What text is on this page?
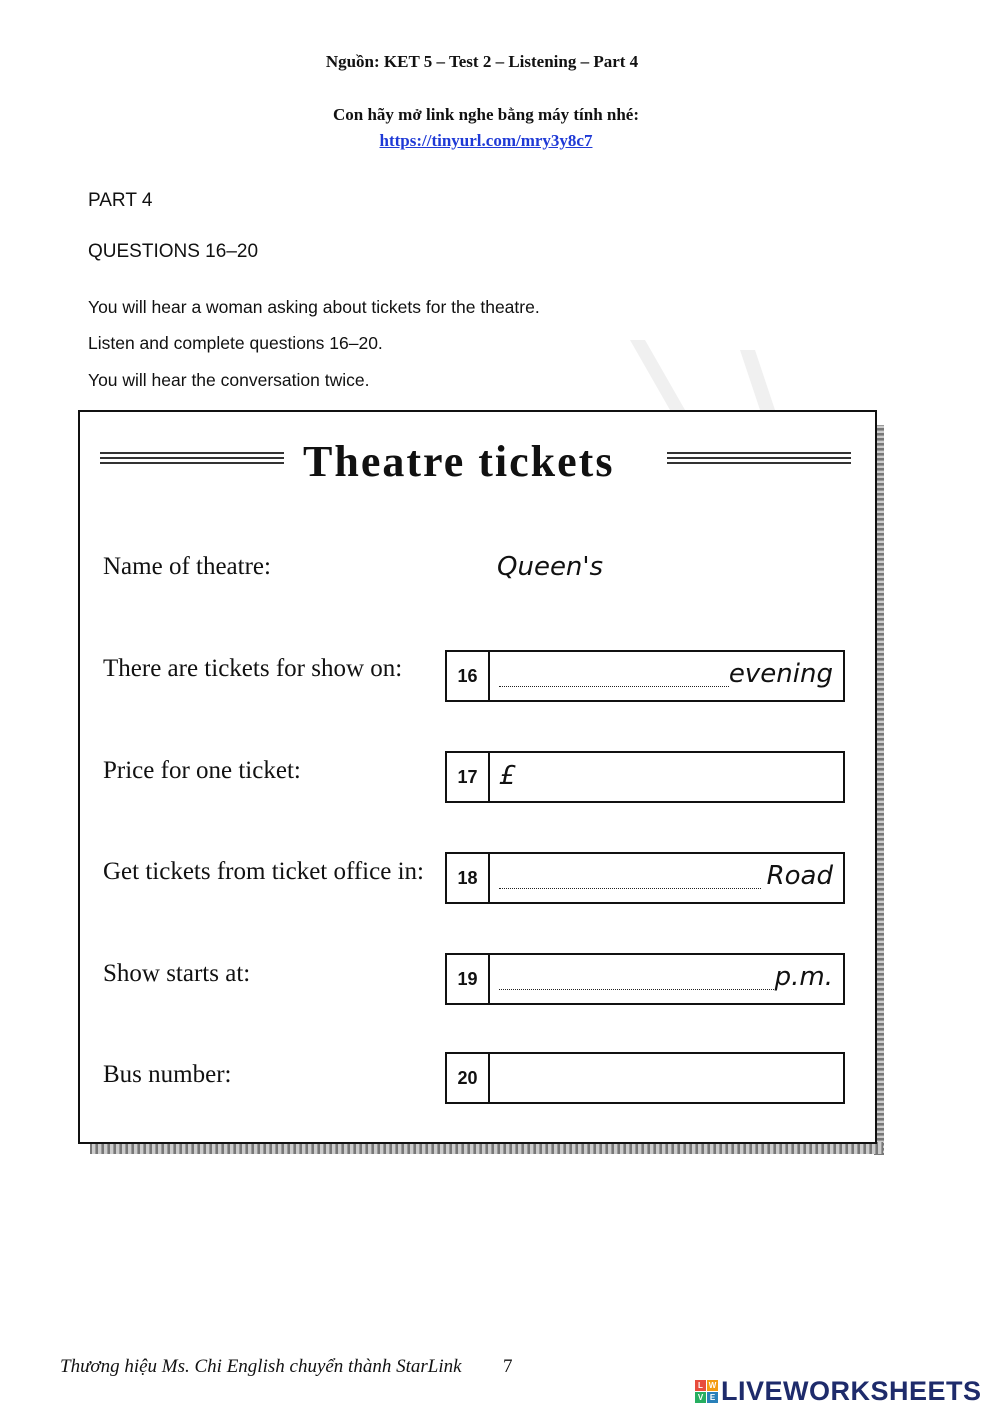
Nguồn: KET 5 – Test 2 – Listening – Part 4
Con hãy mở link nghe bằng máy tính nhé:
https://tinyurl.com/mry3y8c7
PART 4
QUESTIONS 16–20
You will hear a woman asking about tickets for the theatre.
Listen and complete questions 16–20.
You will hear the conversation twice.
Theatre tickets
Name of theatre:	Queen's
There are tickets for show on:	16	evening
Price for one ticket:	17 £
Get tickets from ticket office in:	18	Road
Show starts at:	19	p.m.
Bus number:	20
Thương hiệu Ms. Chi English chuyển thành StarLink 7
L W
V E LIVEWORKSHEETS
